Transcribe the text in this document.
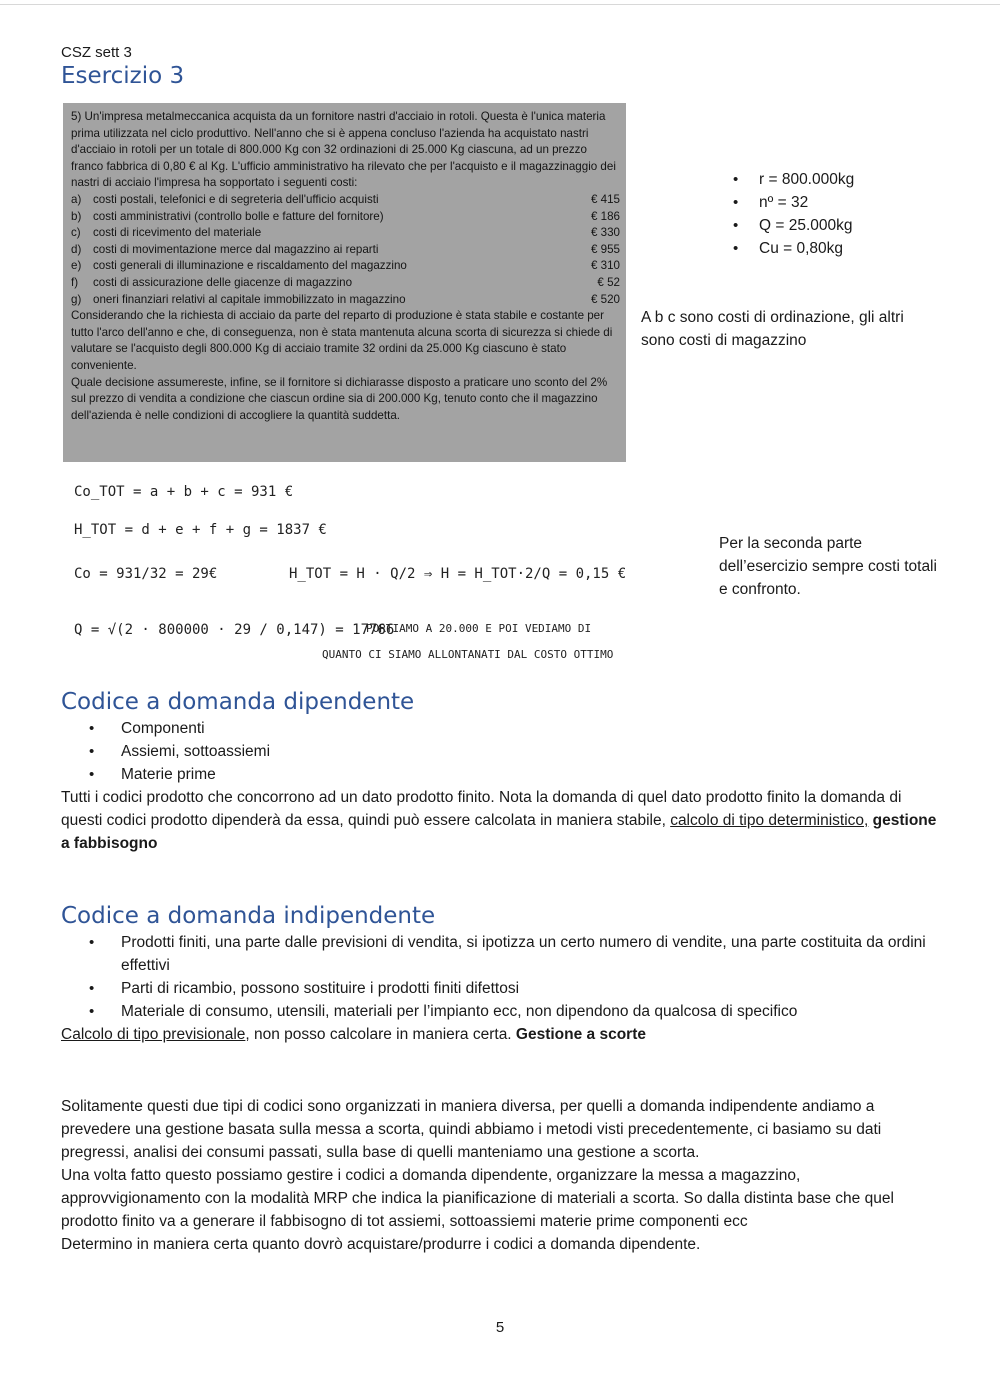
CSZ sett 3
Esercizio 3
5) Un'impresa metalmeccanica acquista da un fornitore nastri d'acciaio in rotoli. Questa è l'unica materia prima utilizzata nel ciclo produttivo. Nell'anno che si è appena concluso l'azienda ha acquistato nastri d'acciaio in rotoli per un totale di 800.000 Kg con 32 ordinazioni di 25.000 Kg ciascuna, ad un prezzo franco fabbrica di 0,80 € al Kg. L'ufficio amministrativo ha rilevato che per l'acquisto e il magazzinaggio dei nastri di acciaio l'impresa ha sopportato i seguenti costi:
a)	costi postali, telefonici e di segreteria dell'ufficio acquisti	€ 415
b)	costi amministrativi (controllo bolle e fatture del fornitore)	€ 186
c)	costi di ricevimento del materiale	€ 330
d)	costi di movimentazione merce dal magazzino ai reparti	€ 955
e)	costi generali di illuminazione e riscaldamento del magazzino	€ 310
f)	costi di assicurazione delle giacenze di magazzino	€ 52
g)	oneri finanziari relativi al capitale immobilizzato in magazzino	€ 520
Considerando che la richiesta di acciaio da parte del reparto di produzione è stata stabile e costante per tutto l'arco dell'anno e che, di conseguenza, non è stata mantenuta alcuna scorta di sicurezza si chiede di valutare se l'acquisto degli 800.000 Kg di acciaio tramite 32 ordini da 25.000 Kg ciascuno è stato conveniente.
Quale decisione assumereste, infine, se il fornitore si dichiarasse disposto a praticare uno sconto del 2% sul prezzo di vendita a condizione che ciascun ordine sia di 200.000 Kg, tenuto conto che il magazzino dell'azienda è nelle condizioni di accogliere la quantità suddetta.
• r = 800.000kg
• nº = 32
• Q = 25.000kg
• Cu = 0,80kg
A b c sono costi di ordinazione, gli altri sono costi di magazzino
Co_TOT = a + b + c = 931 €
H_TOT = d + e + f + g = 1837 €
Co = 931/32 = 29€	H_TOT = H · Q/2 ⇒ H = H_TOT·2/Q = 0,15 €
Q = √(2 · 800000 · 29 / 0,147) = 17766
PORTIAMO A 20.000 E POI VEDIAMO DI
QUANTO CI SIAMO ALLONTANATI DAL COSTO OTTIMO
Per la seconda parte dell’esercizio sempre costi totali e confronto.
Codice a domanda dipendente
• Componenti
• Assiemi, sottoassiemi
• Materie prime
Tutti i codici prodotto che concorrono ad un dato prodotto finito. Nota la domanda di quel dato prodotto finito la domanda di questi codici prodotto dipenderà da essa, quindi può essere calcolata in maniera stabile, calcolo di tipo deterministico, gestione a fabbisogno
Codice a domanda indipendente
• Prodotti finiti, una parte dalle previsioni di vendita, si ipotizza un certo numero di vendite, una parte costituita da ordini effettivi
• Parti di ricambio, possono sostituire i prodotti finiti difettosi
• Materiale di consumo, utensili, materiali per l’impianto ecc, non dipendono da qualcosa di specifico
Calcolo di tipo previsionale, non posso calcolare in maniera certa. Gestione a scorte
Solitamente questi due tipi di codici sono organizzati in maniera diversa, per quelli a domanda indipendente andiamo a prevedere una gestione basata sulla messa a scorta, quindi abbiamo i metodi visti precedentemente, ci basiamo su dati pregressi, analisi dei consumi passati, sulla base di quelli manteniamo una gestione a scorta.
Una volta fatto questo possiamo gestire i codici a domanda dipendente, organizzare la messa a magazzino, approvvigionamento con la modalità MRP che indica la pianificazione di materiali a scorta. So dalla distinta base che quel prodotto finito va a generare il fabbisogno di tot assiemi, sottoassiemi materie prime componenti ecc
Determino in maniera certa quanto dovrò acquistare/produrre i codici a domanda dipendente.
5
